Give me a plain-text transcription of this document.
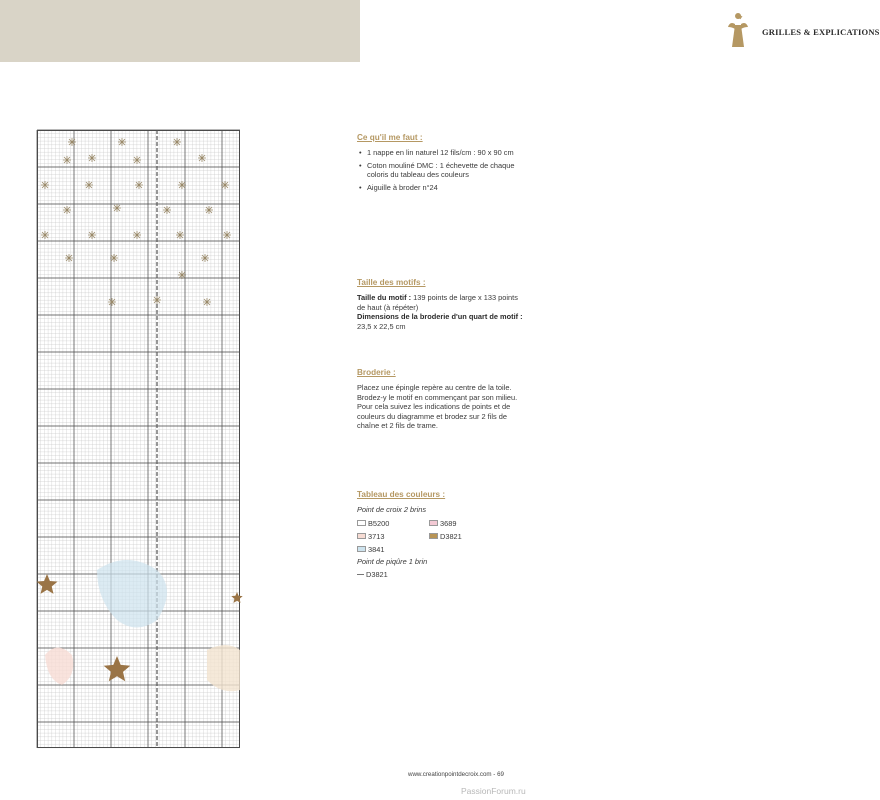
GRILLES & EXPLICATIONS
Ce qu'il me faut :
• 1 nappe en lin naturel 12 fils/cm : 90 x 90 cm
• Coton mouliné DMC : 1 échevette de chaque coloris du tableau des couleurs
• Aiguille à broder n°24
Taille des motifs :

Taille du motif : 139 points de large x 133 points de haut (à répéter)

Dimensions de la broderie d'un quart de motif : 23,5 x 22,5 cm

Broderie :
Placez une épingle repère au centre de la toile. Brodez-y le motif en commençant par son milieu. Pour cela suivez les indications de points et de couleurs du diagramme et brodez sur 2 fils de chaîne et 2 fils de trame.
Tableau des couleurs :
Point de croix 2 brins
B5200	3689
3713	D3821
3841
Point de piqûre 1 brin
D3821
www.creationpointdecroix.com - 69
PassionForum.ru
